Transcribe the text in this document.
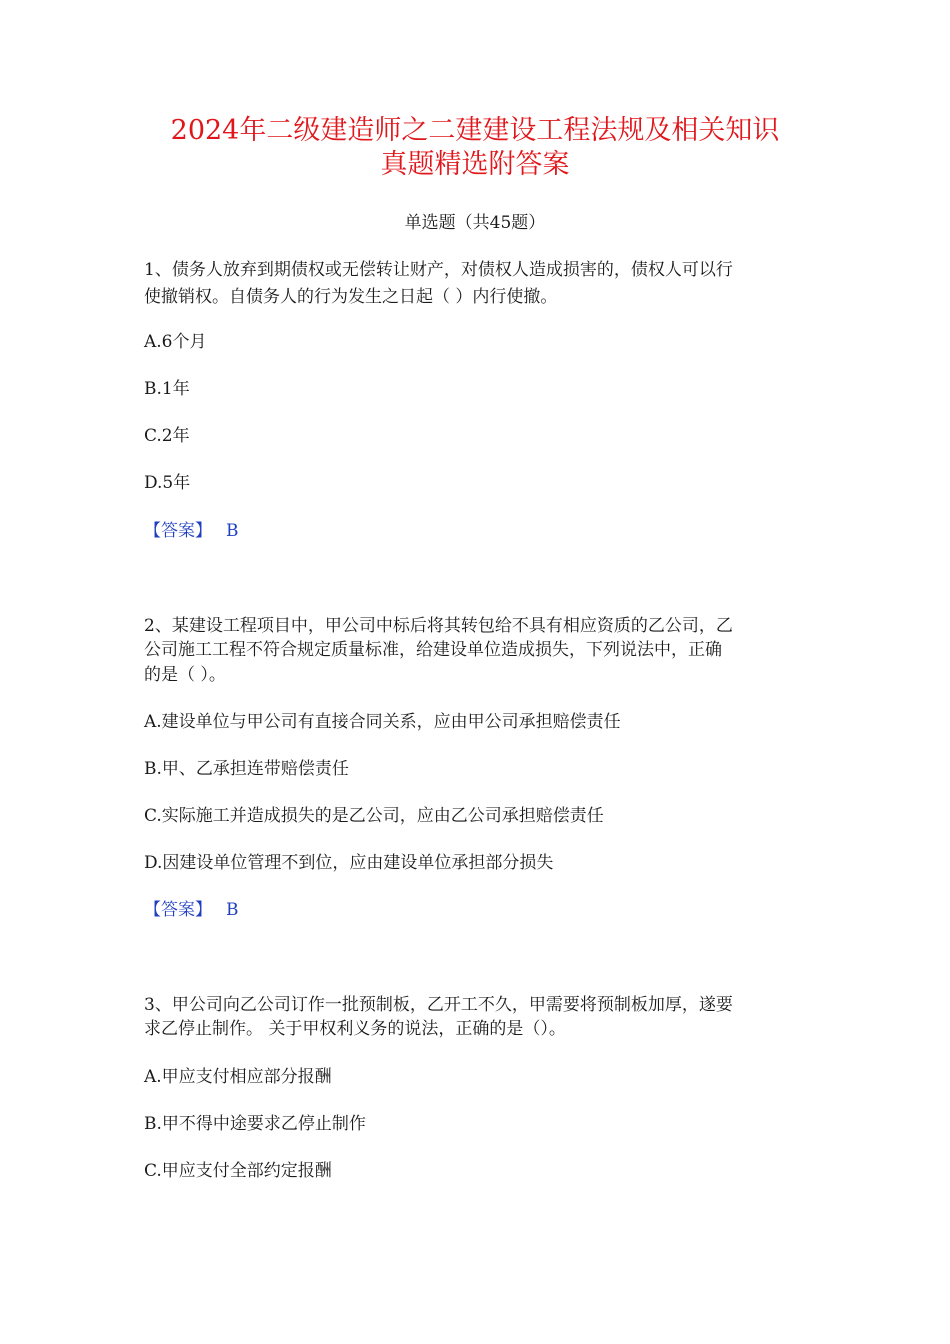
2024年二级建造师之二建建设工程法规及相关知识
真题精选附答案
单选题（共45题）
1、债务人放弃到期债权或无偿转让财产，对债权人造成损害的，债权人可以行
使撤销权。自债务人的行为发生之日起（ ）内行使撤。
A.6个月
B.1年
C.2年
D.5年
【答案】 B
2、某建设工程项目中，甲公司中标后将其转包给不具有相应资质的乙公司，乙
公司施工工程不符合规定质量标准，给建设单位造成损失，下列说法中，正确
的是（ ）。
A.建设单位与甲公司有直接合同关系，应由甲公司承担赔偿责任
B.甲、乙承担连带赔偿责任
C.实际施工并造成损失的是乙公司，应由乙公司承担赔偿责任
D.因建设单位管理不到位，应由建设单位承担部分损失
【答案】 B
3、甲公司向乙公司订作一批预制板，乙开工不久，甲需要将预制板加厚，遂要
求乙停止制作。 关于甲权利义务的说法，正确的是（）。
A.甲应支付相应部分报酬
B.甲不得中途要求乙停止制作
C.甲应支付全部约定报酬
